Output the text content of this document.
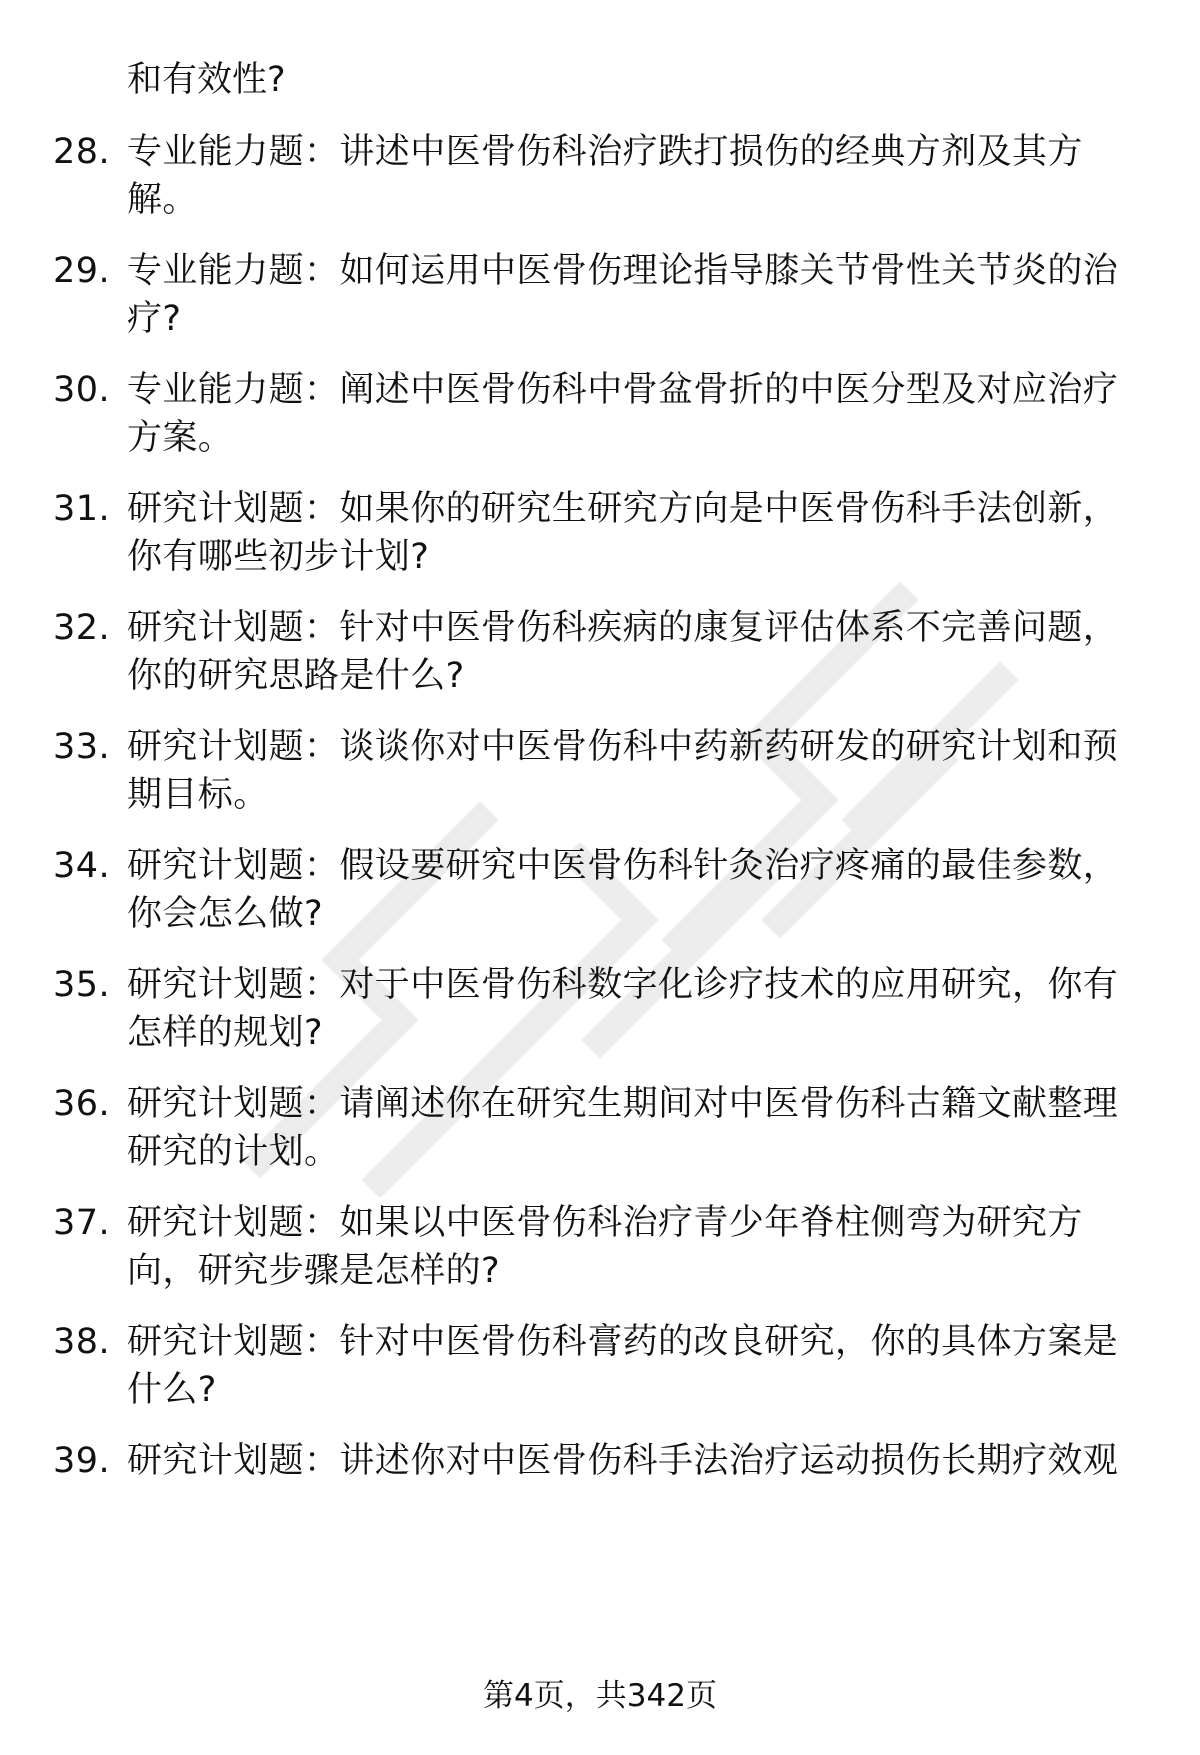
和有效性?
28. 专业能力题：讲述中医骨伤科治疗跌打损伤的经典方剂及其方
解。
29. 专业能力题：如何运用中医骨伤理论指导膝关节骨性关节炎的治
疗?
30. 专业能力题：阐述中医骨伤科中骨盆骨折的中医分型及对应治疗
方案。
31. 研究计划题：如果你的研究生研究方向是中医骨伤科手法创新，
你有哪些初步计划?
32. 研究计划题：针对中医骨伤科疾病的康复评估体系不完善问题，
你的研究思路是什么?
33. 研究计划题：谈谈你对中医骨伤科中药新药研发的研究计划和预
期目标。
34. 研究计划题：假设要研究中医骨伤科针灸治疗疼痛的最佳参数，
你会怎么做?
35. 研究计划题：对于中医骨伤科数字化诊疗技术的应用研究，你有
怎样的规划?
36. 研究计划题：请阐述你在研究生期间对中医骨伤科古籍文献整理
研究的计划。
37. 研究计划题：如果以中医骨伤科治疗青少年脊柱侧弯为研究方
向，研究步骤是怎样的?
38. 研究计划题：针对中医骨伤科膏药的改良研究，你的具体方案是
什么?
39. 研究计划题：讲述你对中医骨伤科手法治疗运动损伤长期疗效观
第4页，共342页
